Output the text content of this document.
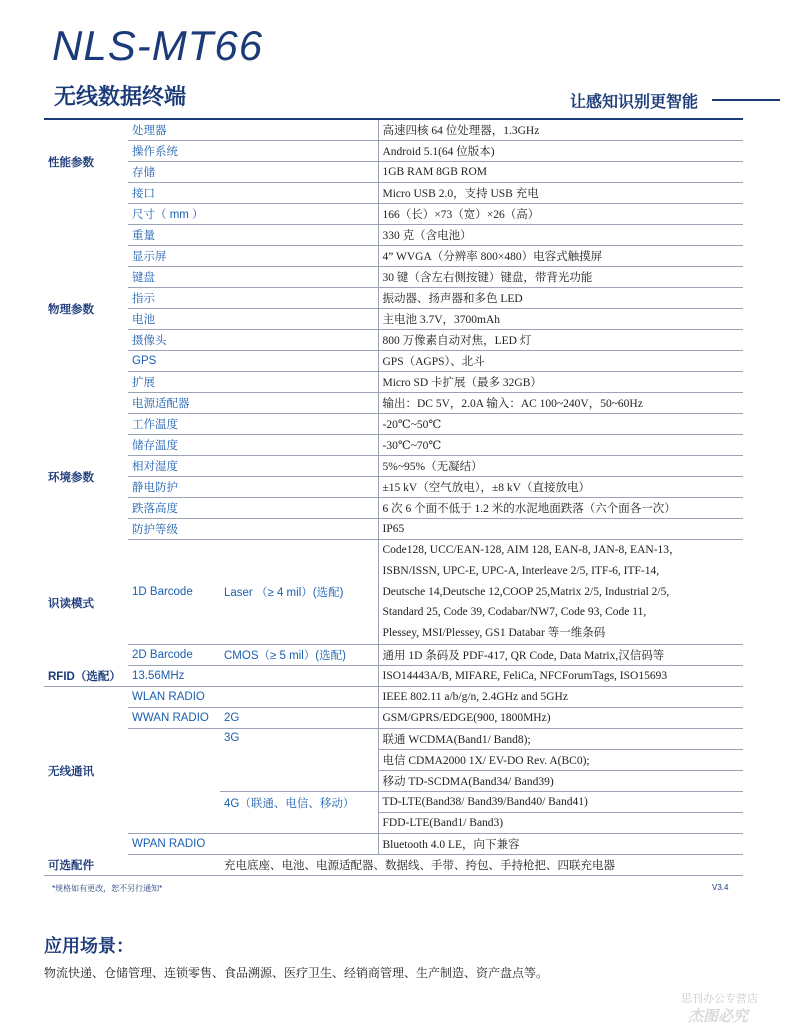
NLS-MT66
无线数据终端	让感知识别更智能
性能参数	处理器		高速四核 64 位处理器，1.3GHz
	操作系统		Android 5.1(64 位版本)
	存储		1GB RAM 8GB ROM
	接口		Micro USB 2.0，支持 USB 充电
物理参数	尺寸（ mm ）		166（长）×73（宽）×26（高）
	重量		330 克（含电池）
	显示屏		4” WVGA（分辨率 800×480）电容式触摸屏
	键盘		30 键（含左右侧按键）键盘，带背光功能
	指示		振动器、扬声器和多色 LED
	电池		主电池 3.7V，3700mAh
	摄像头		800 万像素自动对焦，LED 灯
	GPS		GPS（AGPS）、北斗
	扩展		Micro SD 卡扩展（最多 32GB）
	电源适配器		输出：DC 5V，2.0A 输入：AC 100~240V，50~60Hz
环境参数	工作温度		-20℃~50℃
	储存温度		-30℃~70℃
	相对湿度		5%~95%（无凝结）
	静电防护		±15 kV（空气放电），±8 kV（直接放电）
	跌落高度		6 次 6 个面不低于 1.2 米的水泥地面跌落（六个面各一次）
	防护等级		IP65
识读模式	1D Barcode	Laser （≥ 4 mil）(选配)	Code128, UCC/EAN-128, AIM 128, EAN-8, JAN-8, EAN-13，
ISBN/ISSN, UPC-E, UPC-A, Interleave 2/5, ITF-6, ITF-14,
Deutsche 14,Deutsche 12,COOP 25,Matrix 2/5, Industrial 2/5,
Standard 25, Code 39, Codabar/NW7, Code 93, Code 11,
Plessey, MSI/Plessey, GS1 Databar 等一维条码

	2D Barcode	CMOS（≥ 5 mil）(选配)	通用 1D 条码及 PDF-417, QR Code, Data Matrix,汉信码等
RFID（选配）	13.56MHz		ISO14443A/B, MIFARE, FeliCa, NFCForumTags, ISO15693
无线通讯	WLAN RADIO		IEEE 802.11 a/b/g/n, 2.4GHz and 5GHz
	WWAN RADIO	2G	GSM/GPRS/EDGE(900, 1800MHz)
		3G	联通 WCDMA(Band1/ Band8);
			电信 CDMA2000 1X/ EV-DO Rev. A(BC0);
			移动 TD-SCDMA(Band34/ Band39)
		4G（联通、电信、移动）	TD-LTE(Band38/ Band39/Band40/ Band41)
			FDD-LTE(Band1/ Band3)
	WPAN RADIO		Bluetooth 4.0 LE，向下兼容
可选配件	充电底座、电池、电源适配器、数据线、手带、挎包、手持枪把、四联充电器		
*规格如有更改，恕不另行通知*	V3.4
应用场景：
物流快递、仓储管理、连锁零售、食品溯源、医疗卫生、经销商管理、生产制造、资产盘点等。
思刊办公专营店
杰图必究
